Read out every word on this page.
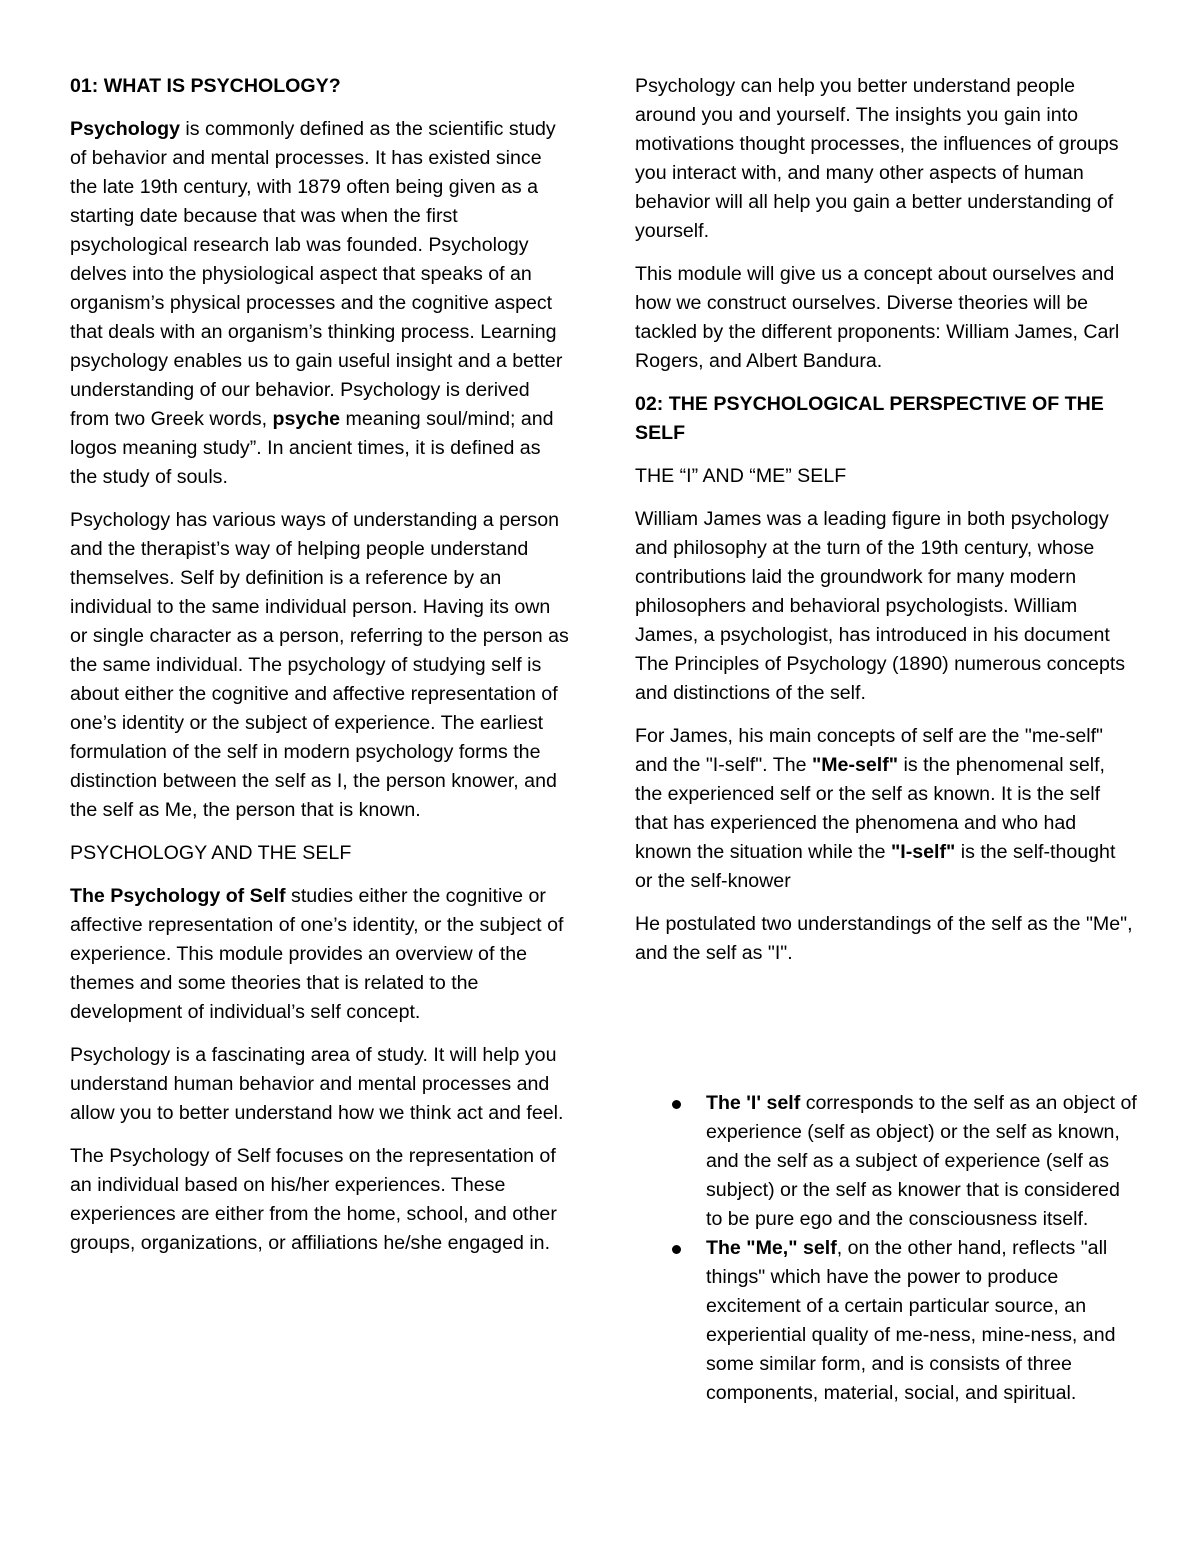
01: WHAT IS PSYCHOLOGY?

Psychology is commonly defined as the scientific study of behavior and mental processes. It has existed since the late 19th century, with 1879 often being given as a starting date because that was when the first psychological research lab was founded. Psychology delves into the physiological aspect that speaks of an organism’s physical processes and the cognitive aspect that deals with an organism’s thinking process. Learning psychology enables us to gain useful insight and a better understanding of our behavior. Psychology is derived from two Greek words, psyche meaning soul/mind; and logos meaning study”. In ancient times, it is defined as the study of souls.

Psychology has various ways of understanding a person and the therapist’s way of helping people understand themselves. Self by definition is a reference by an individual to the same individual person. Having its own or single character as a person, referring to the person as the same individual. The psychology of studying self is about either the cognitive and affective representation of one’s identity or the subject of experience. The earliest formulation of the self in modern psychology forms the distinction between the self as I, the person knower, and the self as Me, the person that is known.

PSYCHOLOGY AND THE SELF

The Psychology of Self studies either the cognitive or affective representation of one’s identity, or the subject of experience. This module provides an overview of the themes and some theories that is related to the development of individual’s self concept.

Psychology is a fascinating area of study. It will help you understand human behavior and mental processes and allow you to better understand how we think act and feel.

The Psychology of Self focuses on the representation of an individual based on his/her experiences. These experiences are either from the home, school, and other groups, organizations, or affiliations he/she engaged in.

Psychology can help you better understand people around you and yourself. The insights you gain into motivations thought processes, the influences of groups you interact with, and many other aspects of human behavior will all help you gain a better understanding of yourself.

This module will give us a concept about ourselves and how we construct ourselves. Diverse theories will be tackled by the different proponents: William James, Carl Rogers, and Albert Bandura.

02: THE PSYCHOLOGICAL PERSPECTIVE OF THE SELF
THE “I” AND “ME” SELF

William James was a leading figure in both psychology and philosophy at the turn of the 19th century, whose contributions laid the groundwork for many modern philosophers and behavioral psychologists. William James, a psychologist, has introduced in his document The Principles of Psychology (1890) numerous concepts and distinctions of the self.

For James, his main concepts of self are the "me-self" and the "I-self". The "Me-self" is the phenomenal self, the experienced self or the self as known. It is the self that has experienced the phenomena and who had known the situation while the "I-self" is the self-thought or the self-knower

He postulated two understandings of the self as the "Me", and the self as "I".

The 'I' self corresponds to the self as an object of experience (self as object) or the self as known, and the self as a subject of experience (self as subject) or the self as knower that is considered to be pure ego and the consciousness itself.
The "Me," self, on the other hand, reflects "all things" which have the power to produce excitement of a certain particular source, an experiential quality of me-ness, mine-ness, and some similar form, and is consists of three components, material, social, and spiritual.
